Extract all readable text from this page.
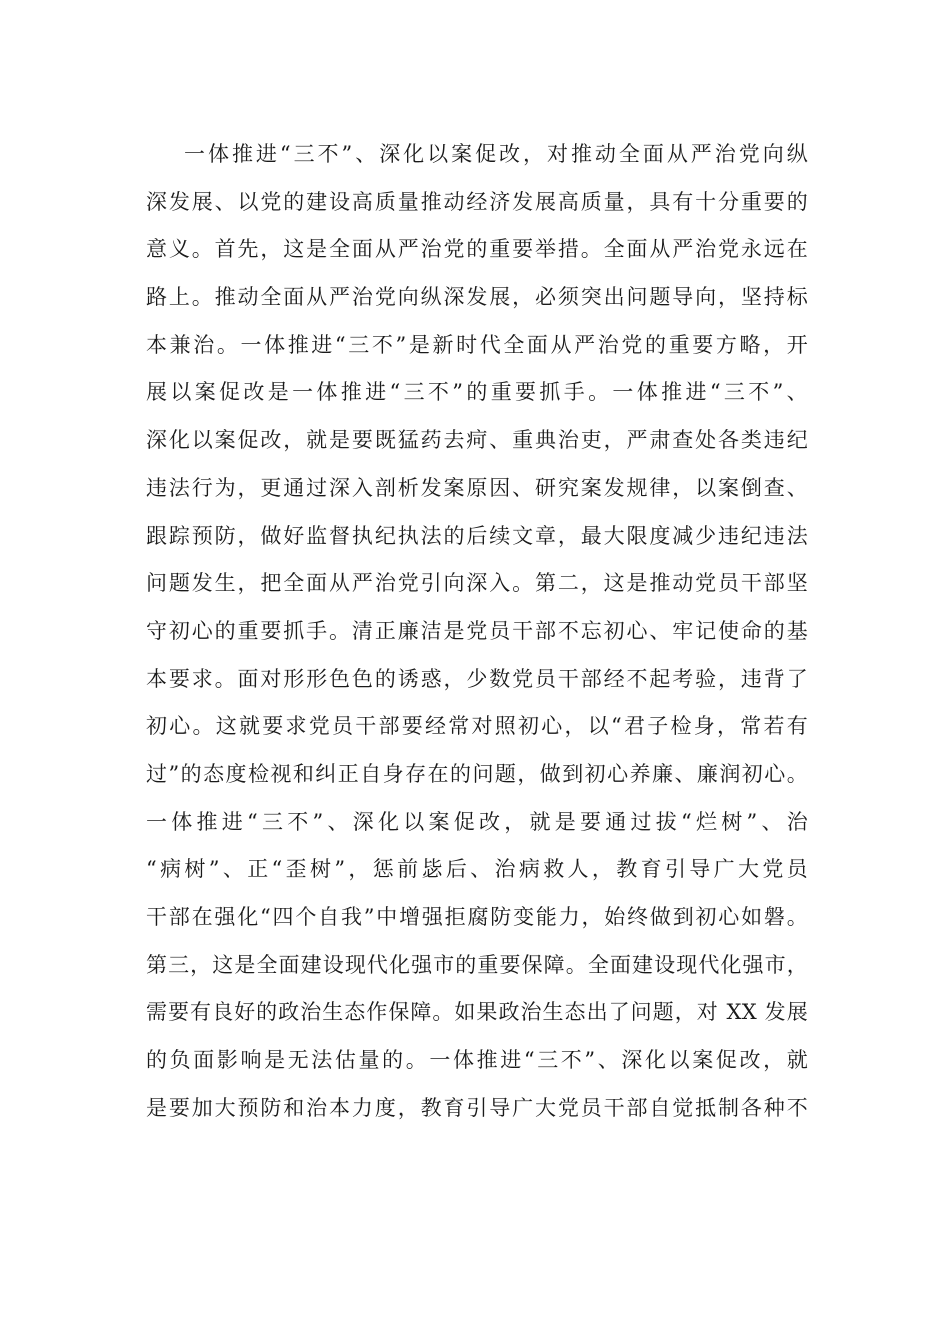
一体推进“三不”、深化以案促改，对推动全面从严治党向纵
深发展、以党的建设高质量推动经济发展高质量，具有十分重要的
意义。首先，这是全面从严治党的重要举措。全面从严治党永远在
路上。推动全面从严治党向纵深发展，必须突出问题导向，坚持标
本兼治。一体推进“三不”是新时代全面从严治党的重要方略，开
展以案促改是一体推进“三不”的重要抓手。一体推进“三不”、
深化以案促改，就是要既猛药去疴、重典治吏，严肃查处各类违纪
违法行为，更通过深入剖析发案原因、研究案发规律，以案倒查、
跟踪预防，做好监督执纪执法的后续文章，最大限度减少违纪违法
问题发生，把全面从严治党引向深入。第二，这是推动党员干部坚
守初心的重要抓手。清正廉洁是党员干部不忘初心、牢记使命的基
本要求。面对形形色色的诱惑，少数党员干部经不起考验，违背了
初心。这就要求党员干部要经常对照初心，以“君子检身，常若有
过”的态度检视和纠正自身存在的问题，做到初心养廉、廉润初心。
一体推进“三不”、深化以案促改，就是要通过拔“烂树”、治
“病树”、正“歪树”，惩前毖后、治病救人，教育引导广大党员
干部在强化“四个自我”中增强拒腐防变能力，始终做到初心如磐。
第三，这是全面建设现代化强市的重要保障。全面建设现代化强市，
需要有良好的政治生态作保障。如果政治生态出了问题，对 XX 发展
的负面影响是无法估量的。一体推进“三不”、深化以案促改，就
是要加大预防和治本力度，教育引导广大党员干部自觉抵制各种不
